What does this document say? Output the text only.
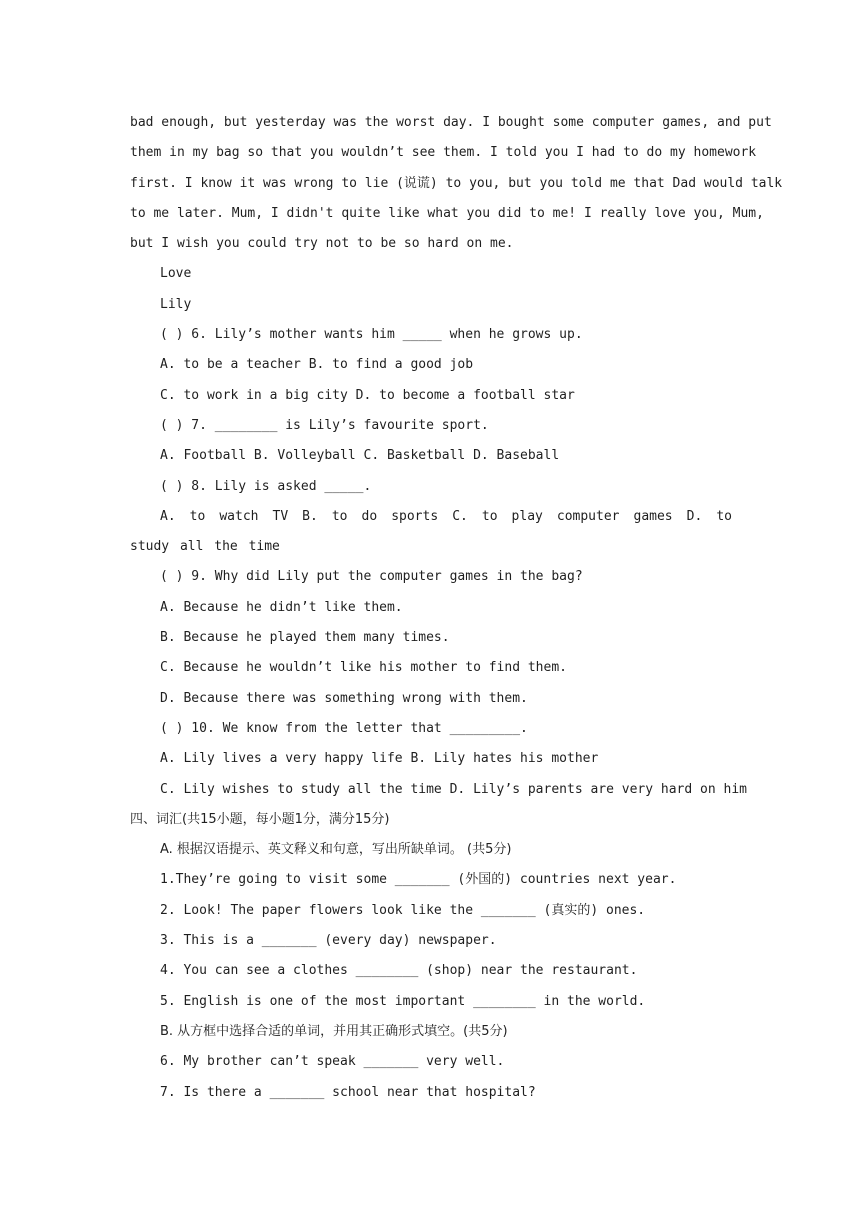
bad enough, but yesterday was the worst day. I bought some computer games, and put
them in my bag so that you wouldn’t see them. I told you I had to do my homework
first. I know it was wrong to lie (说谎) to you, but you told me that Dad would talk
to me later. Mum, I didn't quite like what you did to me! I really love you, Mum,
but I wish you could try not to be so hard on me.
Love
Lily
( ) 6. Lily’s mother wants him _____ when he grows up.
A. to be a teacher B. to find a good job
C. to work in a big city D. to become a football star
( ) 7. ________ is Lily’s favourite sport.
A. Football B. Volleyball C. Basketball D. Baseball
( ) 8. Lily is asked _____.
A. to watch TV B. to do sports C. to play computer games D. to study all the time
( ) 9. Why did Lily put the computer games in the bag?
A. Because he didn’t like them.
B. Because he played them many times.
C. Because he wouldn’t like his mother to find them.
D. Because there was something wrong with them.
( ) 10. We know from the letter that _________.
A. Lily lives a very happy life B. Lily hates his mother
C. Lily wishes to study all the time D. Lily’s parents are very hard on him
四、词汇(共15小题，每小题1分，满分15分)
A. 根据汉语提示、英文释义和句意，写出所缺单词。 (共5分)
1.They’re going to visit some _______ (外国的) countries next year.
2. Look! The paper flowers look like the _______ (真实的) ones.
3. This is a _______ (every day) newspaper.
4. You can see a clothes ________ (shop) near the restaurant.
5. English is one of the most important ________ in the world.
B. 从方框中选择合适的单词，并用其正确形式填空。(共5分)
6. My brother can’t speak _______ very well.
7. Is there a _______ school near that hospital?
